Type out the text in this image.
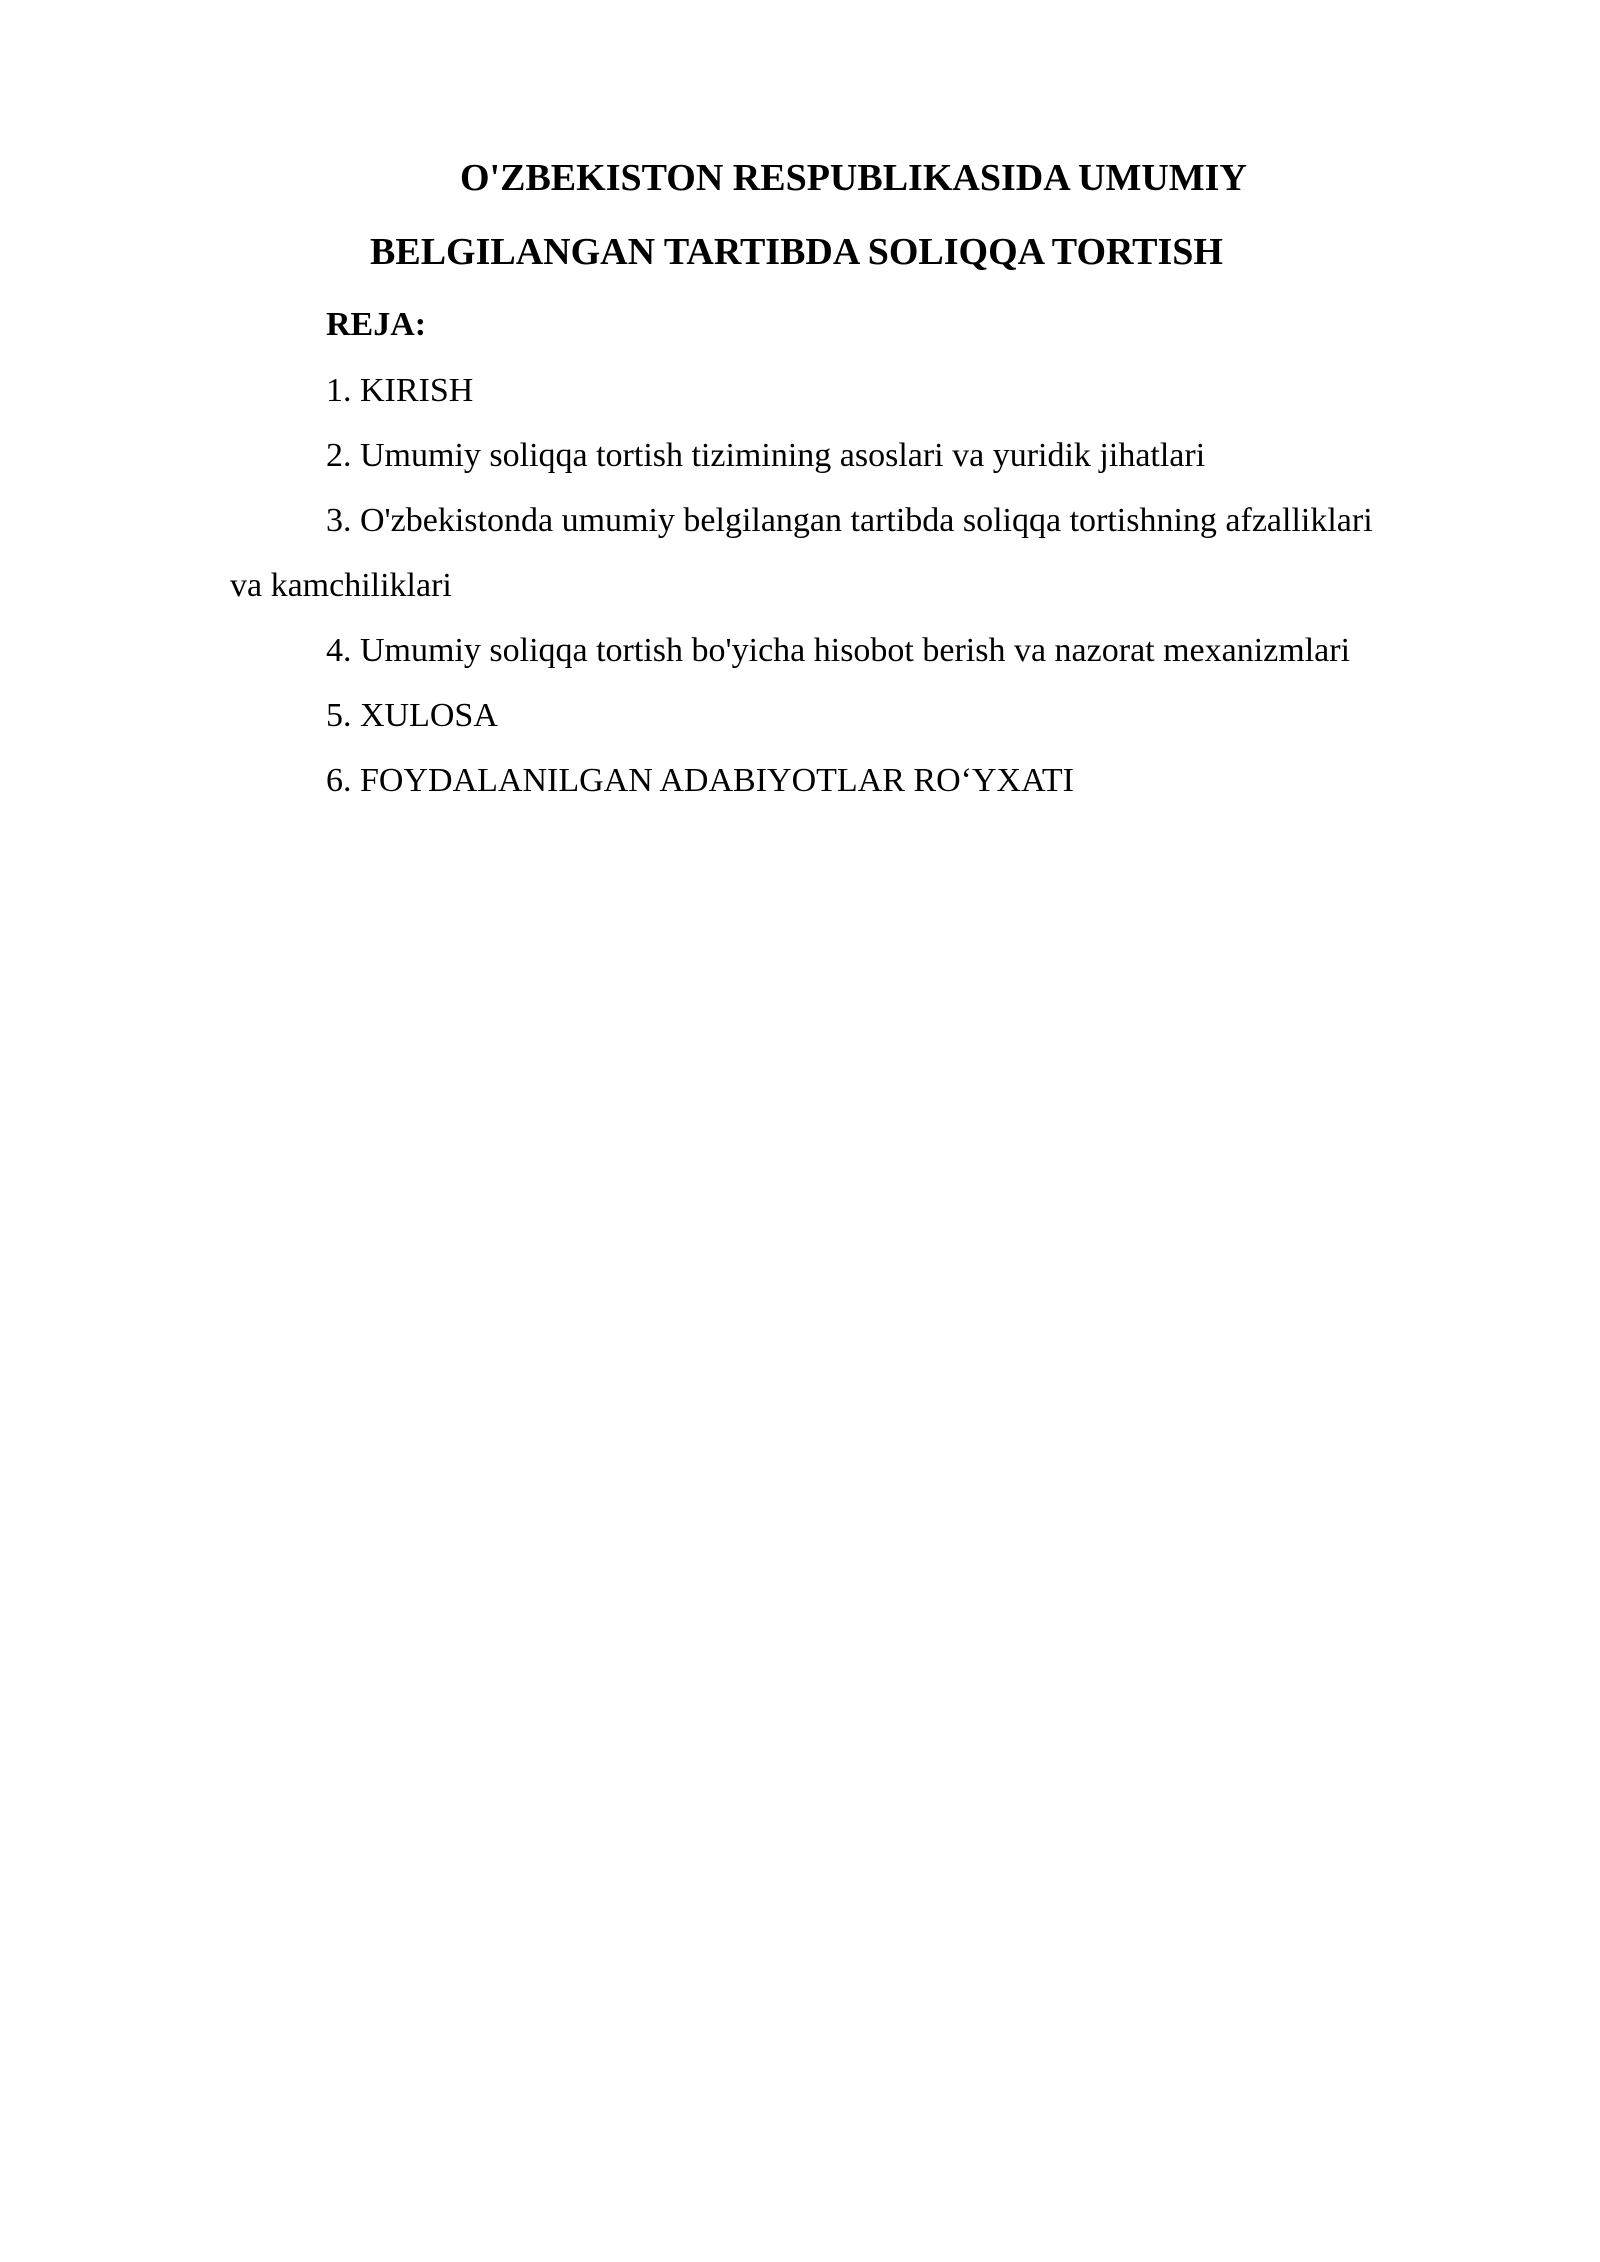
O'ZBEKISTON RESPUBLIKASIDA UMUMIY
BELGILANGAN TARTIBDA SOLIQQA TORTISH
REJA:
1. KIRISH
2. Umumiy soliqqa tortish tizimining asoslari va yuridik jihatlari
3. O'zbekistonda umumiy belgilangan tartibda soliqqa tortishning afzalliklari
va kamchiliklari
4. Umumiy soliqqa tortish bo'yicha hisobot berish va nazorat mexanizmlari
5. XULOSA
6. FOYDALANILGAN ADABIYOTLAR RO‘YXATI
